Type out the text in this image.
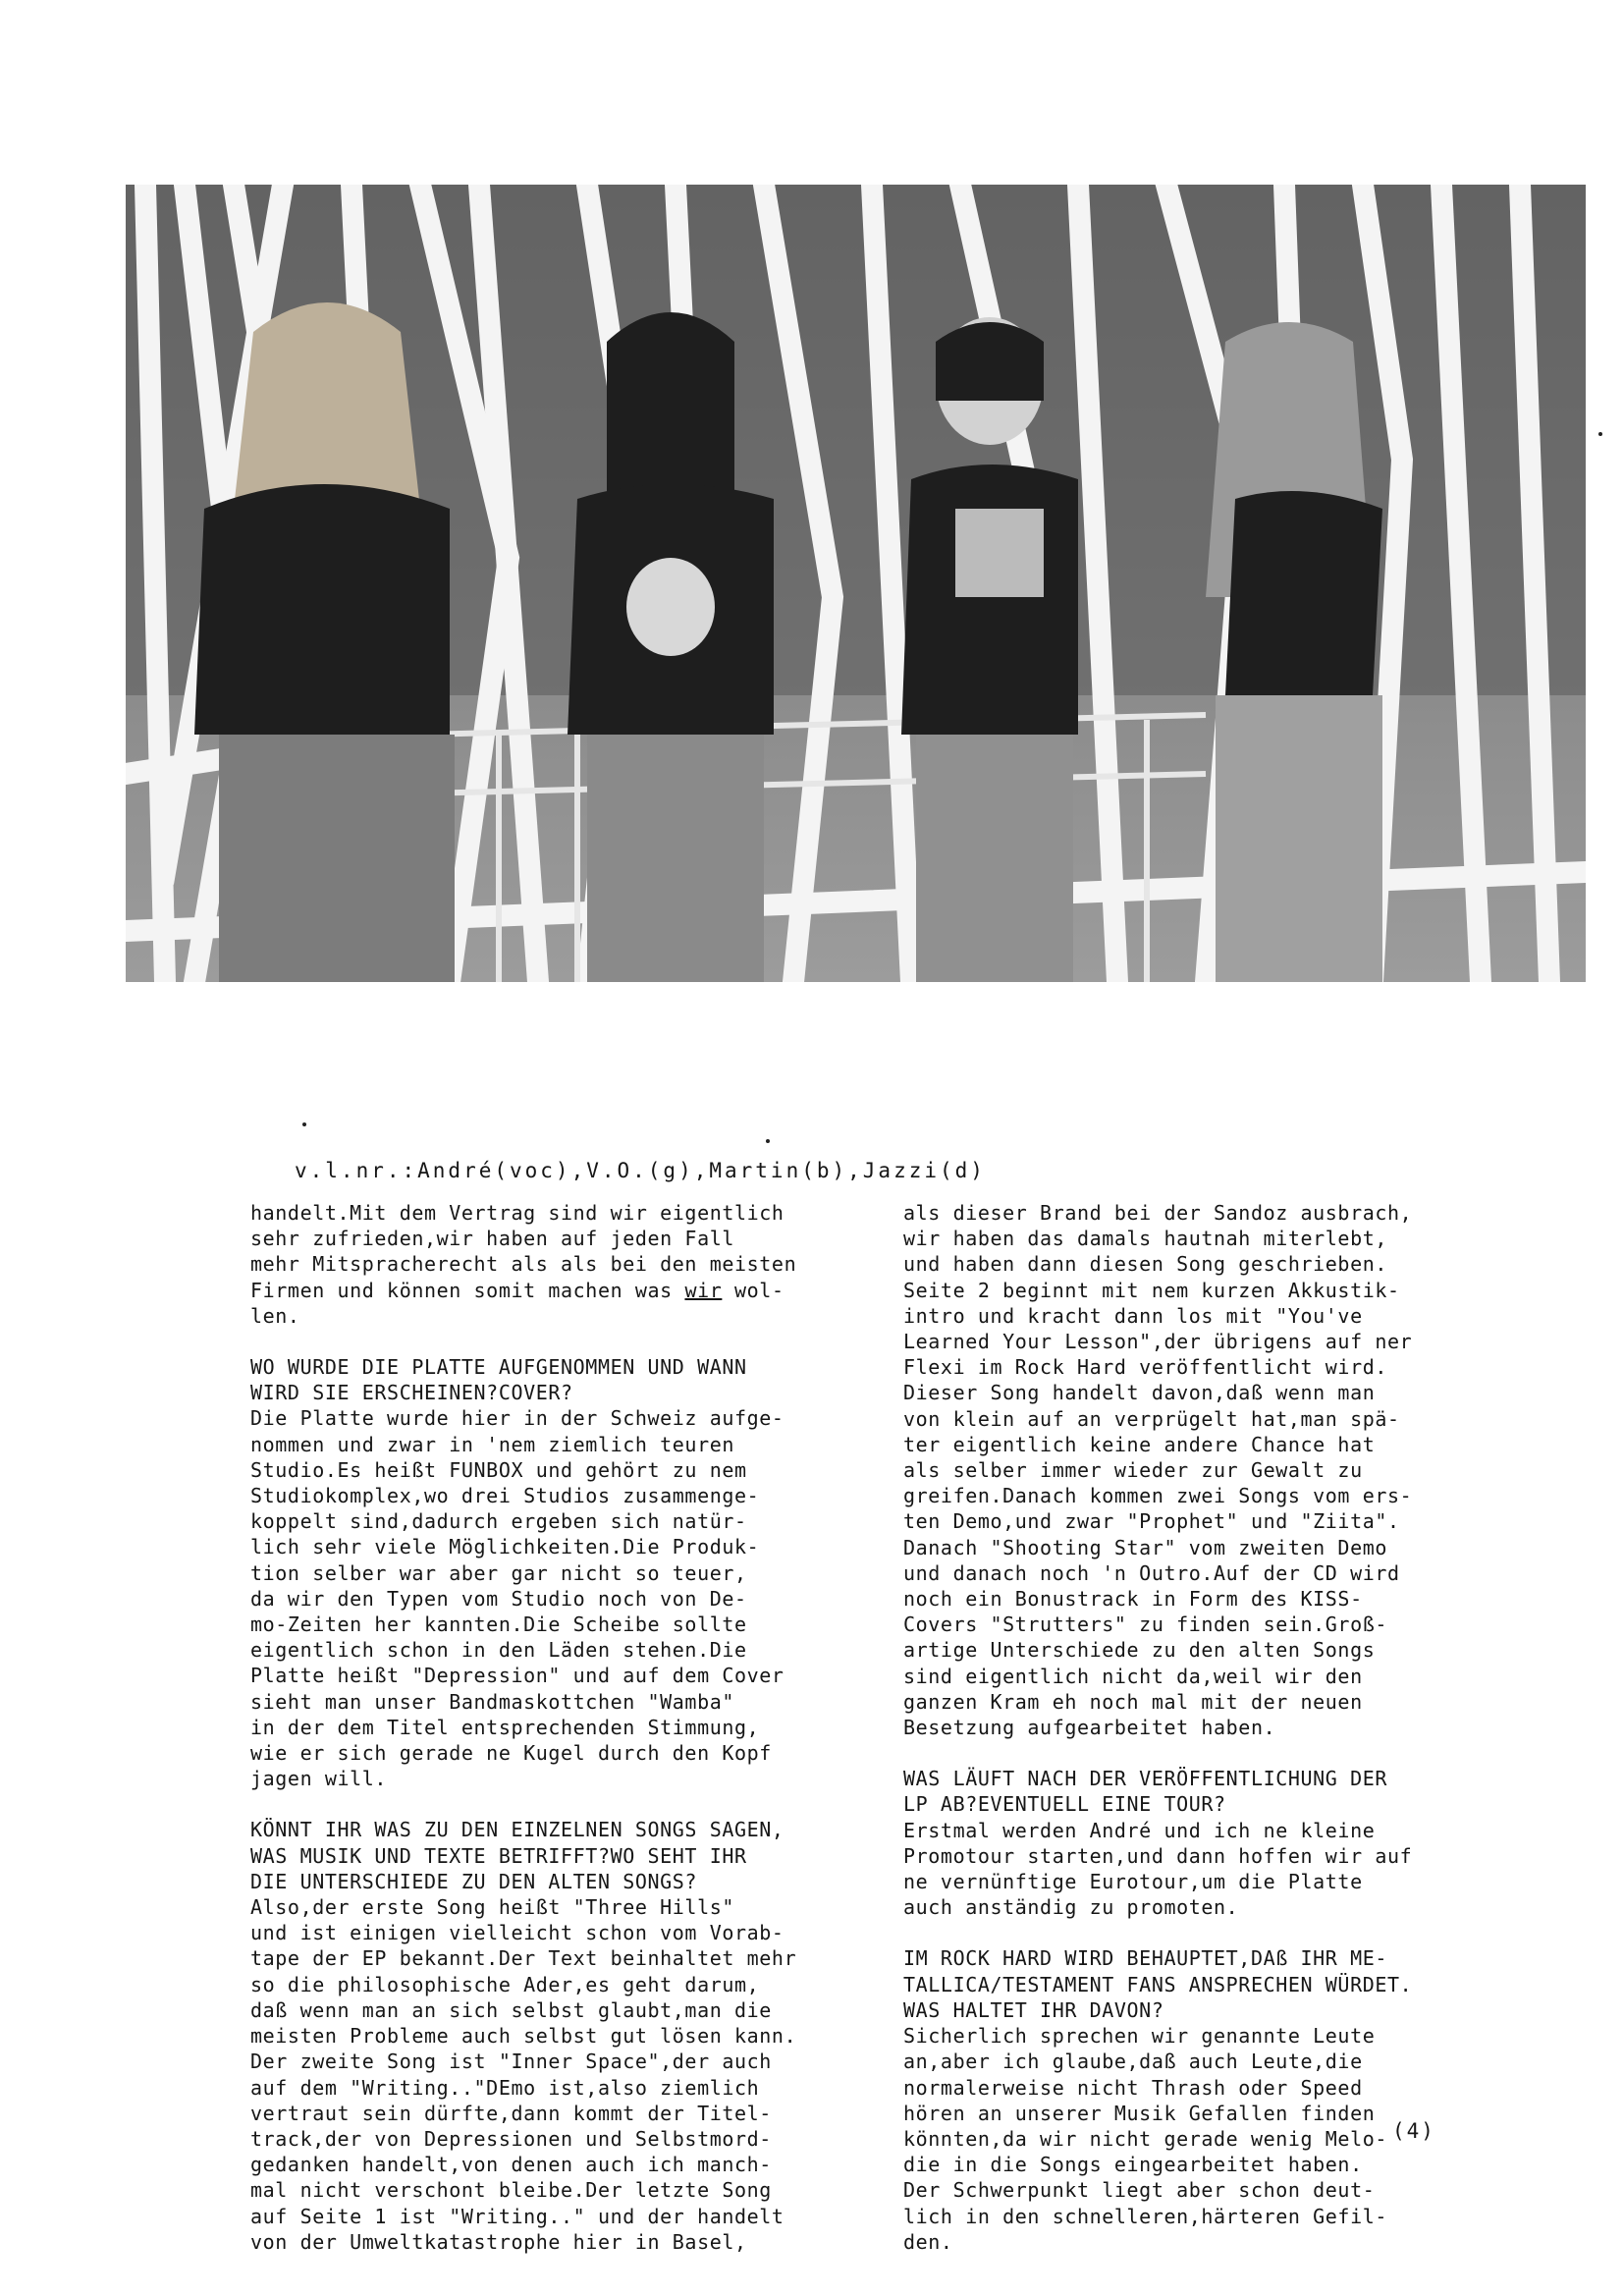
v.l.nr.:André(voc),V.O.(g),Martin(b),Jazzi(d)

handelt.Mit dem Vertrag sind wir eigentlich
sehr zufrieden,wir haben auf jeden Fall
mehr Mitspracherecht als als bei den meisten
Firmen und können somit machen was wir wol-
len.

WO WURDE DIE PLATTE AUFGENOMMEN UND WANN
WIRD SIE ERSCHEINEN?COVER?

Die Platte wurde hier in der Schweiz aufge-
nommen und zwar in 'nem ziemlich teuren
Studio.Es heißt FUNBOX und gehört zu nem
Studiokomplex,wo drei Studios zusammenge-
koppelt sind,dadurch ergeben sich natür-
lich sehr viele Möglichkeiten.Die Produk-
tion selber war aber gar nicht so teuer,
da wir den Typen vom Studio noch von De-
mo-Zeiten her kannten.Die Scheibe sollte
eigentlich schon in den Läden stehen.Die
Platte heißt "Depression" und auf dem Cover
sieht man unser Bandmaskottchen "Wamba"
in der dem Titel entsprechenden Stimmung,
wie er sich gerade ne Kugel durch den Kopf
jagen will.

KÖNNT IHR WAS ZU DEN EINZELNEN SONGS SAGEN,
WAS MUSIK UND TEXTE BETRIFFT?WO SEHT IHR
DIE UNTERSCHIEDE ZU DEN ALTEN SONGS?

Also,der erste Song heißt "Three Hills"
und ist einigen vielleicht schon vom Vorab-
tape der EP bekannt.Der Text beinhaltet mehr
so die philosophische Ader,es geht darum,
daß wenn man an sich selbst glaubt,man die
meisten Probleme auch selbst gut lösen kann.
Der zweite Song ist "Inner Space",der auch
auf dem "Writing.."DEmo ist,also ziemlich
vertraut sein dürfte,dann kommt der Titel-
track,der von Depressionen und Selbstmord-
gedanken handelt,von denen auch ich manch-
mal nicht verschont bleibe.Der letzte Song
auf Seite 1 ist "Writing.." und der handelt
von der Umweltkatastrophe hier in Basel,

als dieser Brand bei der Sandoz ausbrach,
wir haben das damals hautnah miterlebt,
und haben dann diesen Song geschrieben.
Seite 2 beginnt mit nem kurzen Akkustik-
intro und kracht dann los mit "You've
Learned Your Lesson",der übrigens auf ner
Flexi im Rock Hard veröffentlicht wird.
Dieser Song handelt davon,daß wenn man
von klein auf an verprügelt hat,man spä-
ter eigentlich keine andere Chance hat
als selber immer wieder zur Gewalt zu
greifen.Danach kommen zwei Songs vom ers-
ten Demo,und zwar "Prophet" und "Ziita".
Danach "Shooting Star" vom zweiten Demo
und danach noch 'n Outro.Auf der CD wird
noch ein Bonustrack in Form des KISS-
Covers "Strutters" zu finden sein.Groß-
artige Unterschiede zu den alten Songs
sind eigentlich nicht da,weil wir den
ganzen Kram eh noch mal mit der neuen
Besetzung aufgearbeitet haben.

WAS LÄUFT NACH DER VERÖFFENTLICHUNG DER
LP AB?EVENTUELL EINE TOUR?

Erstmal werden André und ich ne kleine
Promotour starten,und dann hoffen wir auf
ne vernünftige Eurotour,um die Platte
auch anständig zu promoten.

IM ROCK HARD WIRD BEHAUPTET,DAß IHR ME-
TALLICA/TESTAMENT FANS ANSPRECHEN WÜRDET.
WAS HALTET IHR DAVON?

Sicherlich sprechen wir genannte Leute
an,aber ich glaube,daß auch Leute,die
normalerweise nicht Thrash oder Speed
hören an unserer Musik Gefallen finden
könnten,da wir nicht gerade wenig Melo-
die in die Songs eingearbeitet haben.
Der Schwerpunkt liegt aber schon deut-
lich in den schnelleren,härteren Gefil-
den.

(4)
